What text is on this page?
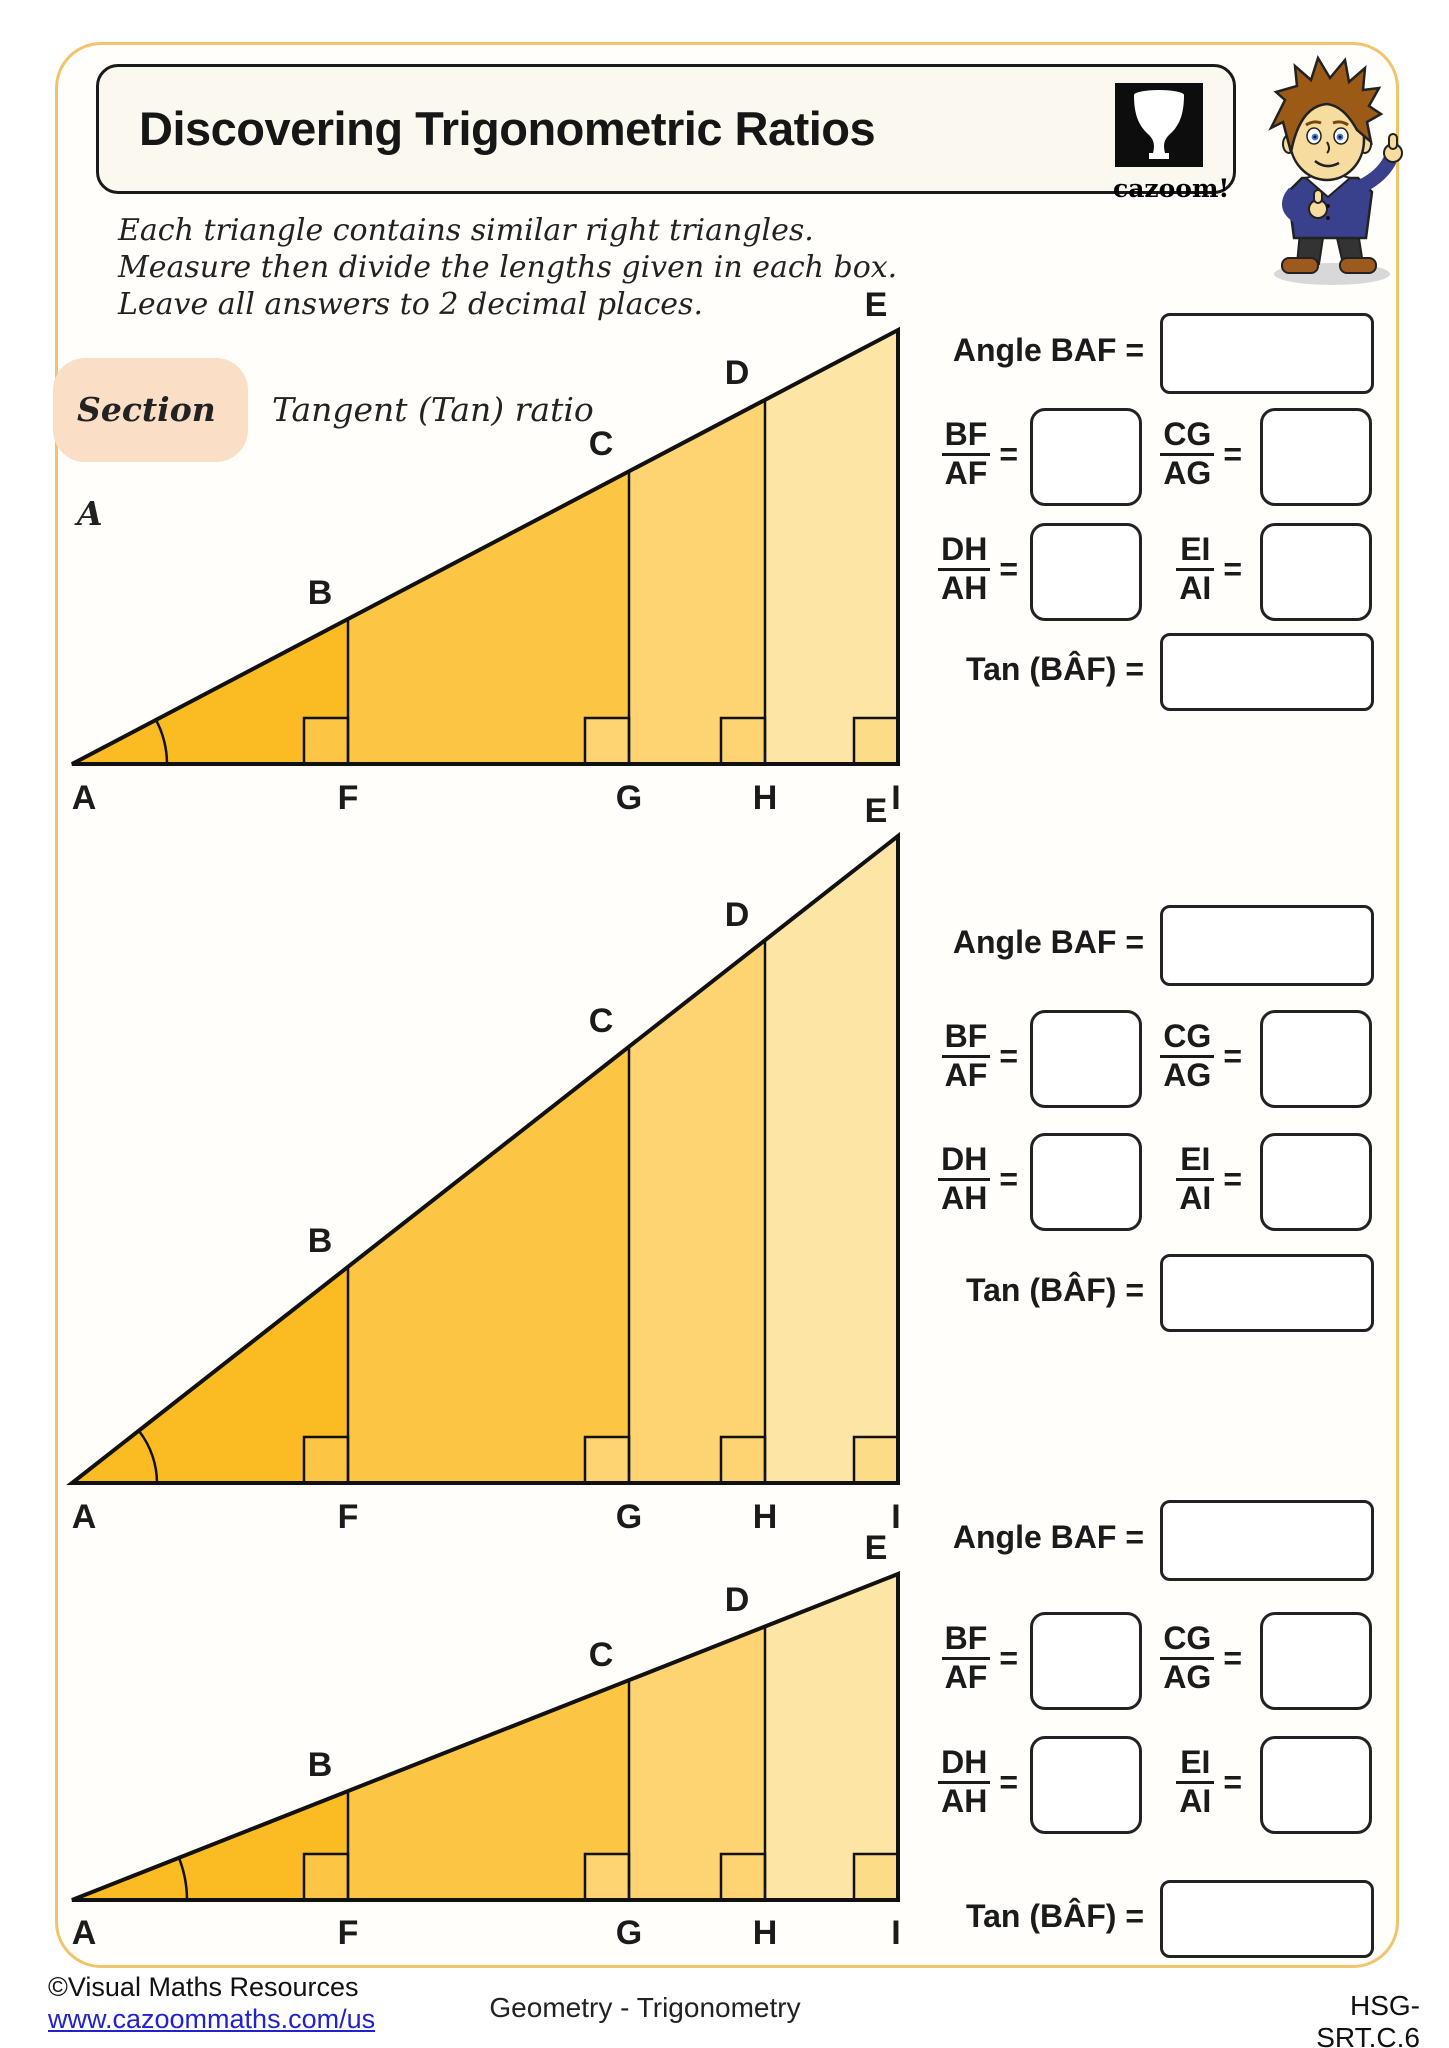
Discovering Trigonometric Ratios
cazoom!
Each triangle contains similar right triangles.
Measure then divide the lengths given in each box.
Leave all answers to 2 decimal places.
Section A
Tangent (Tan) ratio
A	F	G	H	I
B
C
D
E
A	F	G	H	I
B
C
D
E
A	F	G	H	I
B
C
D
E
Angle BAF =
$\frac{BF}{AF}$ =	$\frac{CG}{AG}$ =
$\frac{DH}{AH}$ =	$\frac{EI}{AI}$ =
Tan (BÂF) =
Angle BAF =
$\frac{BF}{AF}$ =	$\frac{CG}{AG}$ =
$\frac{DH}{AH}$ =	$\frac{EI}{AI}$ =
Tan (BÂF) =
Angle BAF =
$\frac{BF}{AF}$ =	$\frac{CG}{AG}$ =
$\frac{DH}{AH}$ =	$\frac{EI}{AI}$ =
Tan (BÂF) =
©Visual Maths Resources
www.cazoommaths.com/us	Geometry - Trigonometry	HSG-SRT.C.6
